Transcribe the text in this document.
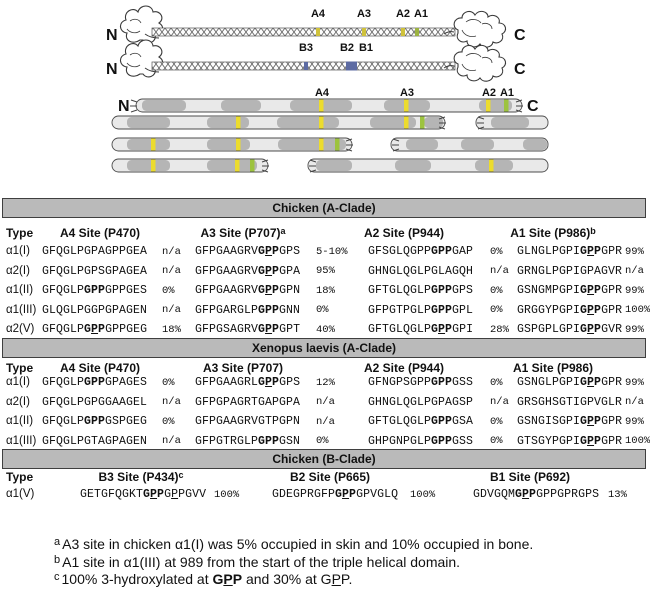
N
A4	A3 A2 A1
C
N
B3 B2 B1
C
A4	A3	A2 A1
N	C
Chicken (A-Clade)
Type A4 Site (P470)	A3 Site $(P707)^a$	A2 Site (P944)	A1 Site $(P986)^b$
α1(I) GFQGLPGPAGPPGEA n/a GFPGAAGRVGPPGPS 5-10% GFSGLQGPPGPPGAP 0% GLNGLPGPIGPPGPR 99%
α2(I) GFQGLPGPSGPAGEA n/a GFPGAAGRVGPPGPA 95%	GHNGLQGLPGLAGQH n/a GRNGLPGPIGPAGVR n/a
α1(II) GFQGLPGPPGPPGES 0% GFPGAAGRVGPPGPN 18%	GFTGLQGLPGPPGPS 0% GSNGMPGPIGPPGPR 99%
α1(III) GLQGLPGGPGPAGEN n/a GFPGARGLPGPPGNN 0%	GFPGTPGLPGPPGPL 0% GRGGYPGPIGPPGPR 100%
α2(V) GFQGLPGPPGPPGEG 18% GFPGSAGRVGPPGPT 40%	GFTGLQGLPGPPGPI 28% GSPGPLGPIGPPGVR 99%
Xenopus laevis (A-Clade)
Type A4 Site (P470)	A3 Site (P707)	A2 Site (P944)	A1 Site (P986)
α1(I) GFQGLPGPPGPAGES 0% GFPGAAGRLGPPGPS 12%	GFNGPSGPPGPPGSS 0% GSNGLPGPIGPPGPR 99%
α2(I) GFQGLPGPGGAAGEL n/a GFPGPAGRTGAPGPA n/a	GHNGLQGLPGPAGSP n/a GRSGHSGTIGPVGLR n/a
α1(II) GFQGLPGPPGSPGEG 0% GFPGAAGRVGTPGPN n/a	GFTGLQGLPGPPGSA 0% GSNGISGPIGPPGPR 99%
α1(III) GFQGLPGTAGPAGEN n/a GFPGTRGLPGPPGSN 0%	GHPGNPGLPGPPGSS 0% GTSGYPGPIGPPGPR 100%
Chicken (B-Clade)
Type	B3 Site $(P434)^c$	B2 Site (P665)	B1 Site (P692)
α1(V)	GETGFQGKTGPPGPPGVV 100%	GDEGPRGFPGPPGPVGLQ 100%	GDVGQMGPPGPPGPRGPS 13%
$^a$ A3 site in chicken α1(I) was 5% occupied in skin and 10% occupied in bone.
$^b$ A1 site in α1(III) at 989 from the start of the triple helical domain.
$^c$ 100% 3-hydroxylated at GPP and 30% at GPP.
